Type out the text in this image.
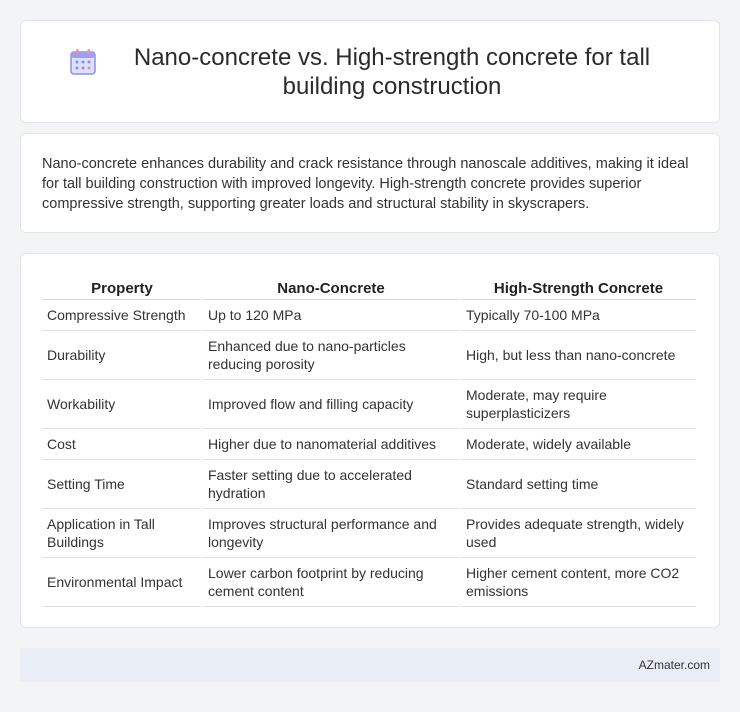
Nano-concrete vs. High-strength concrete for tall building construction

Nano-concrete enhances durability and crack resistance through nanoscale additives, making it ideal for tall building construction with improved longevity. High-strength concrete provides superior compressive strength, supporting greater loads and structural stability in skyscrapers.

Property	Nano-Concrete	High-Strength Concrete
Compressive Strength	Up to 120 MPa	Typically 70-100 MPa
Durability	Enhanced due to nano-particles reducing porosity	High, but less than nano-concrete
Workability	Improved flow and filling capacity	Moderate, may require superplasticizers
Cost	Higher due to nanomaterial additives	Moderate, widely available
Setting Time	Faster setting due to accelerated hydration	Standard setting time
Application in Tall Buildings	Improves structural performance and longevity	Provides adequate strength, widely used
Environmental Impact	Lower carbon footprint by reducing cement content	Higher cement content, more CO2 emissions
AZmater.com
